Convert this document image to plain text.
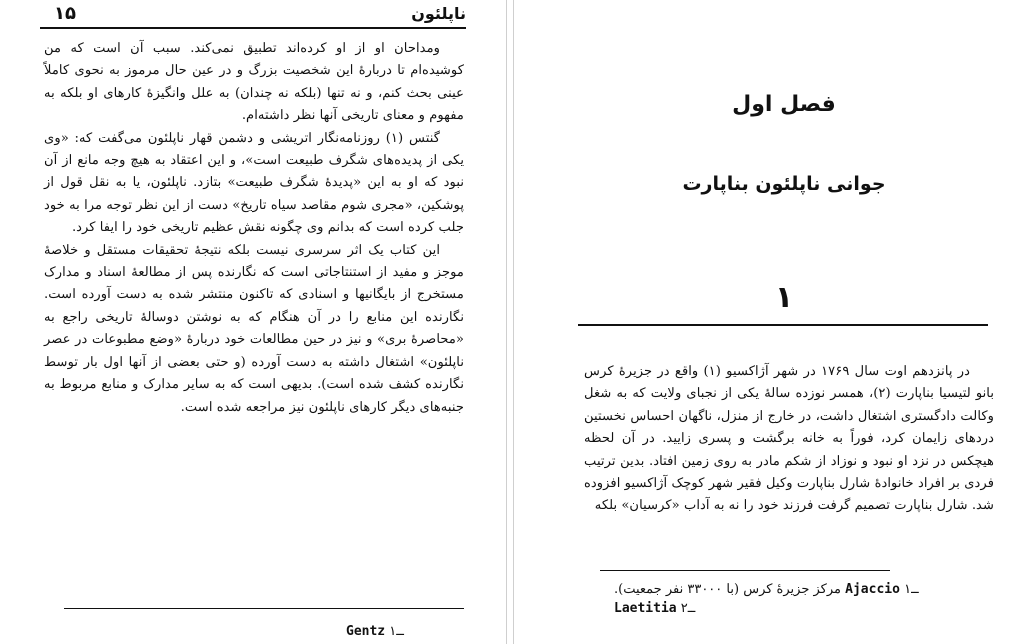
ناپلئون
۱۵

ومداحان او از او کرده‌اند تطبیق نمی‌کند. سبب آن است که من کوشیده‌ام تا دربارهٔ این شخصیت بزرگ و در عین حال مرموز به نحوی کاملاً عینی بحث کنم، و نه تنها (بلکه نه چندان) به علل وانگیزهٔ کارهای او بلکه به مفهوم و معنای تاریخی آنها نظر داشته‌ام.

گنتس (۱) روزنامه‌نگار اتریشی و دشمن قهار ناپلئون می‌گفت که: «وی یکی از پدیده‌های شگرف طبیعت است»، و این اعتقاد به هیچ وجه مانع از آن نبود که او به این «پدیدهٔ شگرف طبیعت» بتازد. ناپلئون، یا به نقل قول از پوشکین، «مجری شوم مقاصد سیاه تاریخ» دست از این نظر توجه مرا به خود جلب کرده است که بدانم وی چگونه نقش عظیم تاریخی خود را ایفا کرد.

این کتاب یک اثر سرسری نیست بلکه نتیجهٔ تحقیقات مستقل و خلاصهٔ موجز و مفید از استنتاجاتی است که نگارنده پس از مطالعهٔ اسناد و مدارک مستخرج از بایگانیها و اسنادی که تاکنون منتشر شده به دست آورده است. نگارنده این منابع را در آن هنگام که به نوشتن دوسالهٔ تاریخی راجع به «محاصرهٔ بری» و نیز در حین مطالعات خود دربارهٔ «وضع مطبوعات در عصر ناپلئون» اشتغال داشته به دست آورده (و حتی بعضی از آنها اول بار توسط نگارنده کشف شده است). بدیهی است که به سایر مدارک و منابع مربوط به جنبه‌های دیگر کارهای ناپلئون نیز مراجعه شده است.

Gentz ۱ــ
فصل اول
جوانی ناپلئون بناپارت
۱

در پانزدهم اوت سال ۱۷۶۹ در شهر آژاکسیو (۱) واقع در جزیرهٔ کرس بانو لتیسیا بناپارت (۲)، همسر نوزده سالهٔ یکی از نجبای ولایت که به شغل وکالت دادگستری اشتغال داشت، در خارج از منزل، ناگهان احساس نخستین دردهای زایمان کرد، فوراً به خانه برگشت و پسری زایید. در آن لحظه هیچکس در نزد او نبود و نوزاد از شکم مادر به روی زمین افتاد. بدین ترتیب فردی بر افراد خانوادهٔ شارل بناپارت وکیل فقیر شهر کوچک آژاکسیو افزوده شد. شارل بناپارت تصمیم گرفت فرزند خود را نه به آداب «کرسیان» بلکه

مرکز جزیرهٔ کرس (با ۳۳۰۰۰ نفر جمعیت). Ajaccio ۱ــ
Laetitia ۲ــ
